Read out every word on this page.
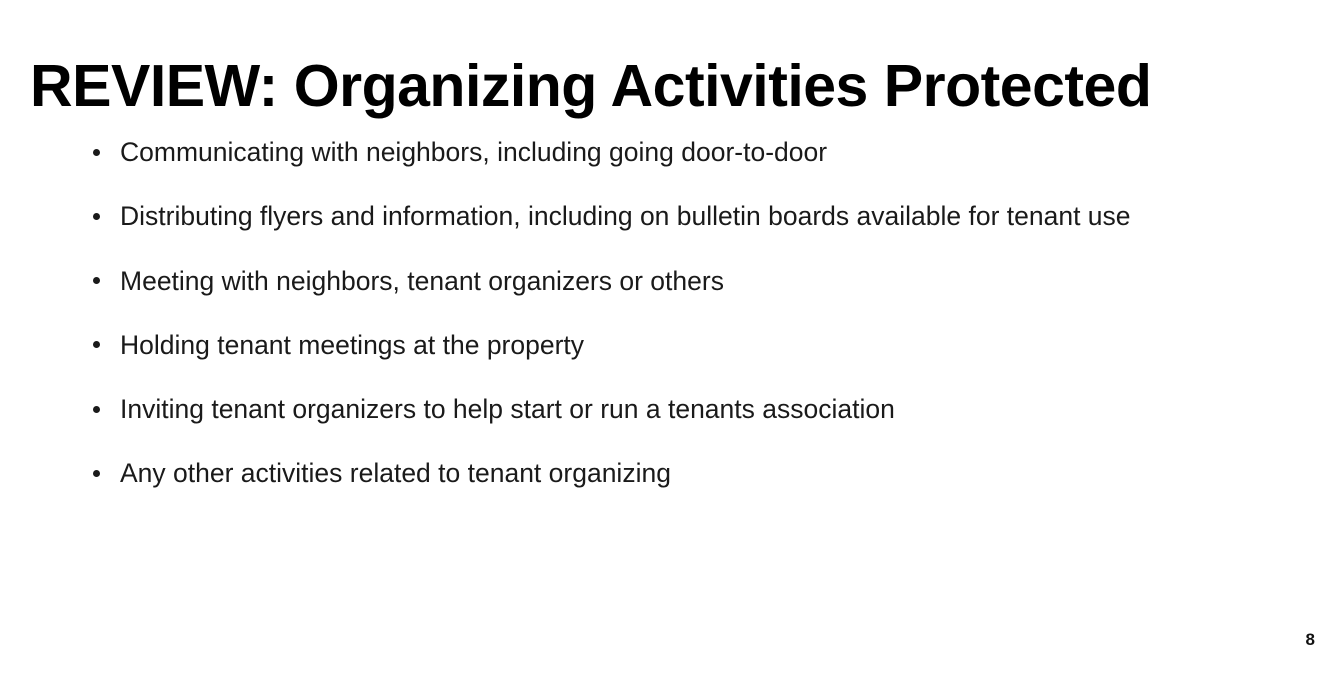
REVIEW: Organizing Activities Protected
Communicating with neighbors, including going door-to-door
Distributing flyers and information, including on bulletin boards available for tenant use
Meeting with neighbors, tenant organizers or others
Holding tenant meetings at the property
Inviting tenant organizers to help start or run a tenants association
Any other activities related to tenant organizing
8
